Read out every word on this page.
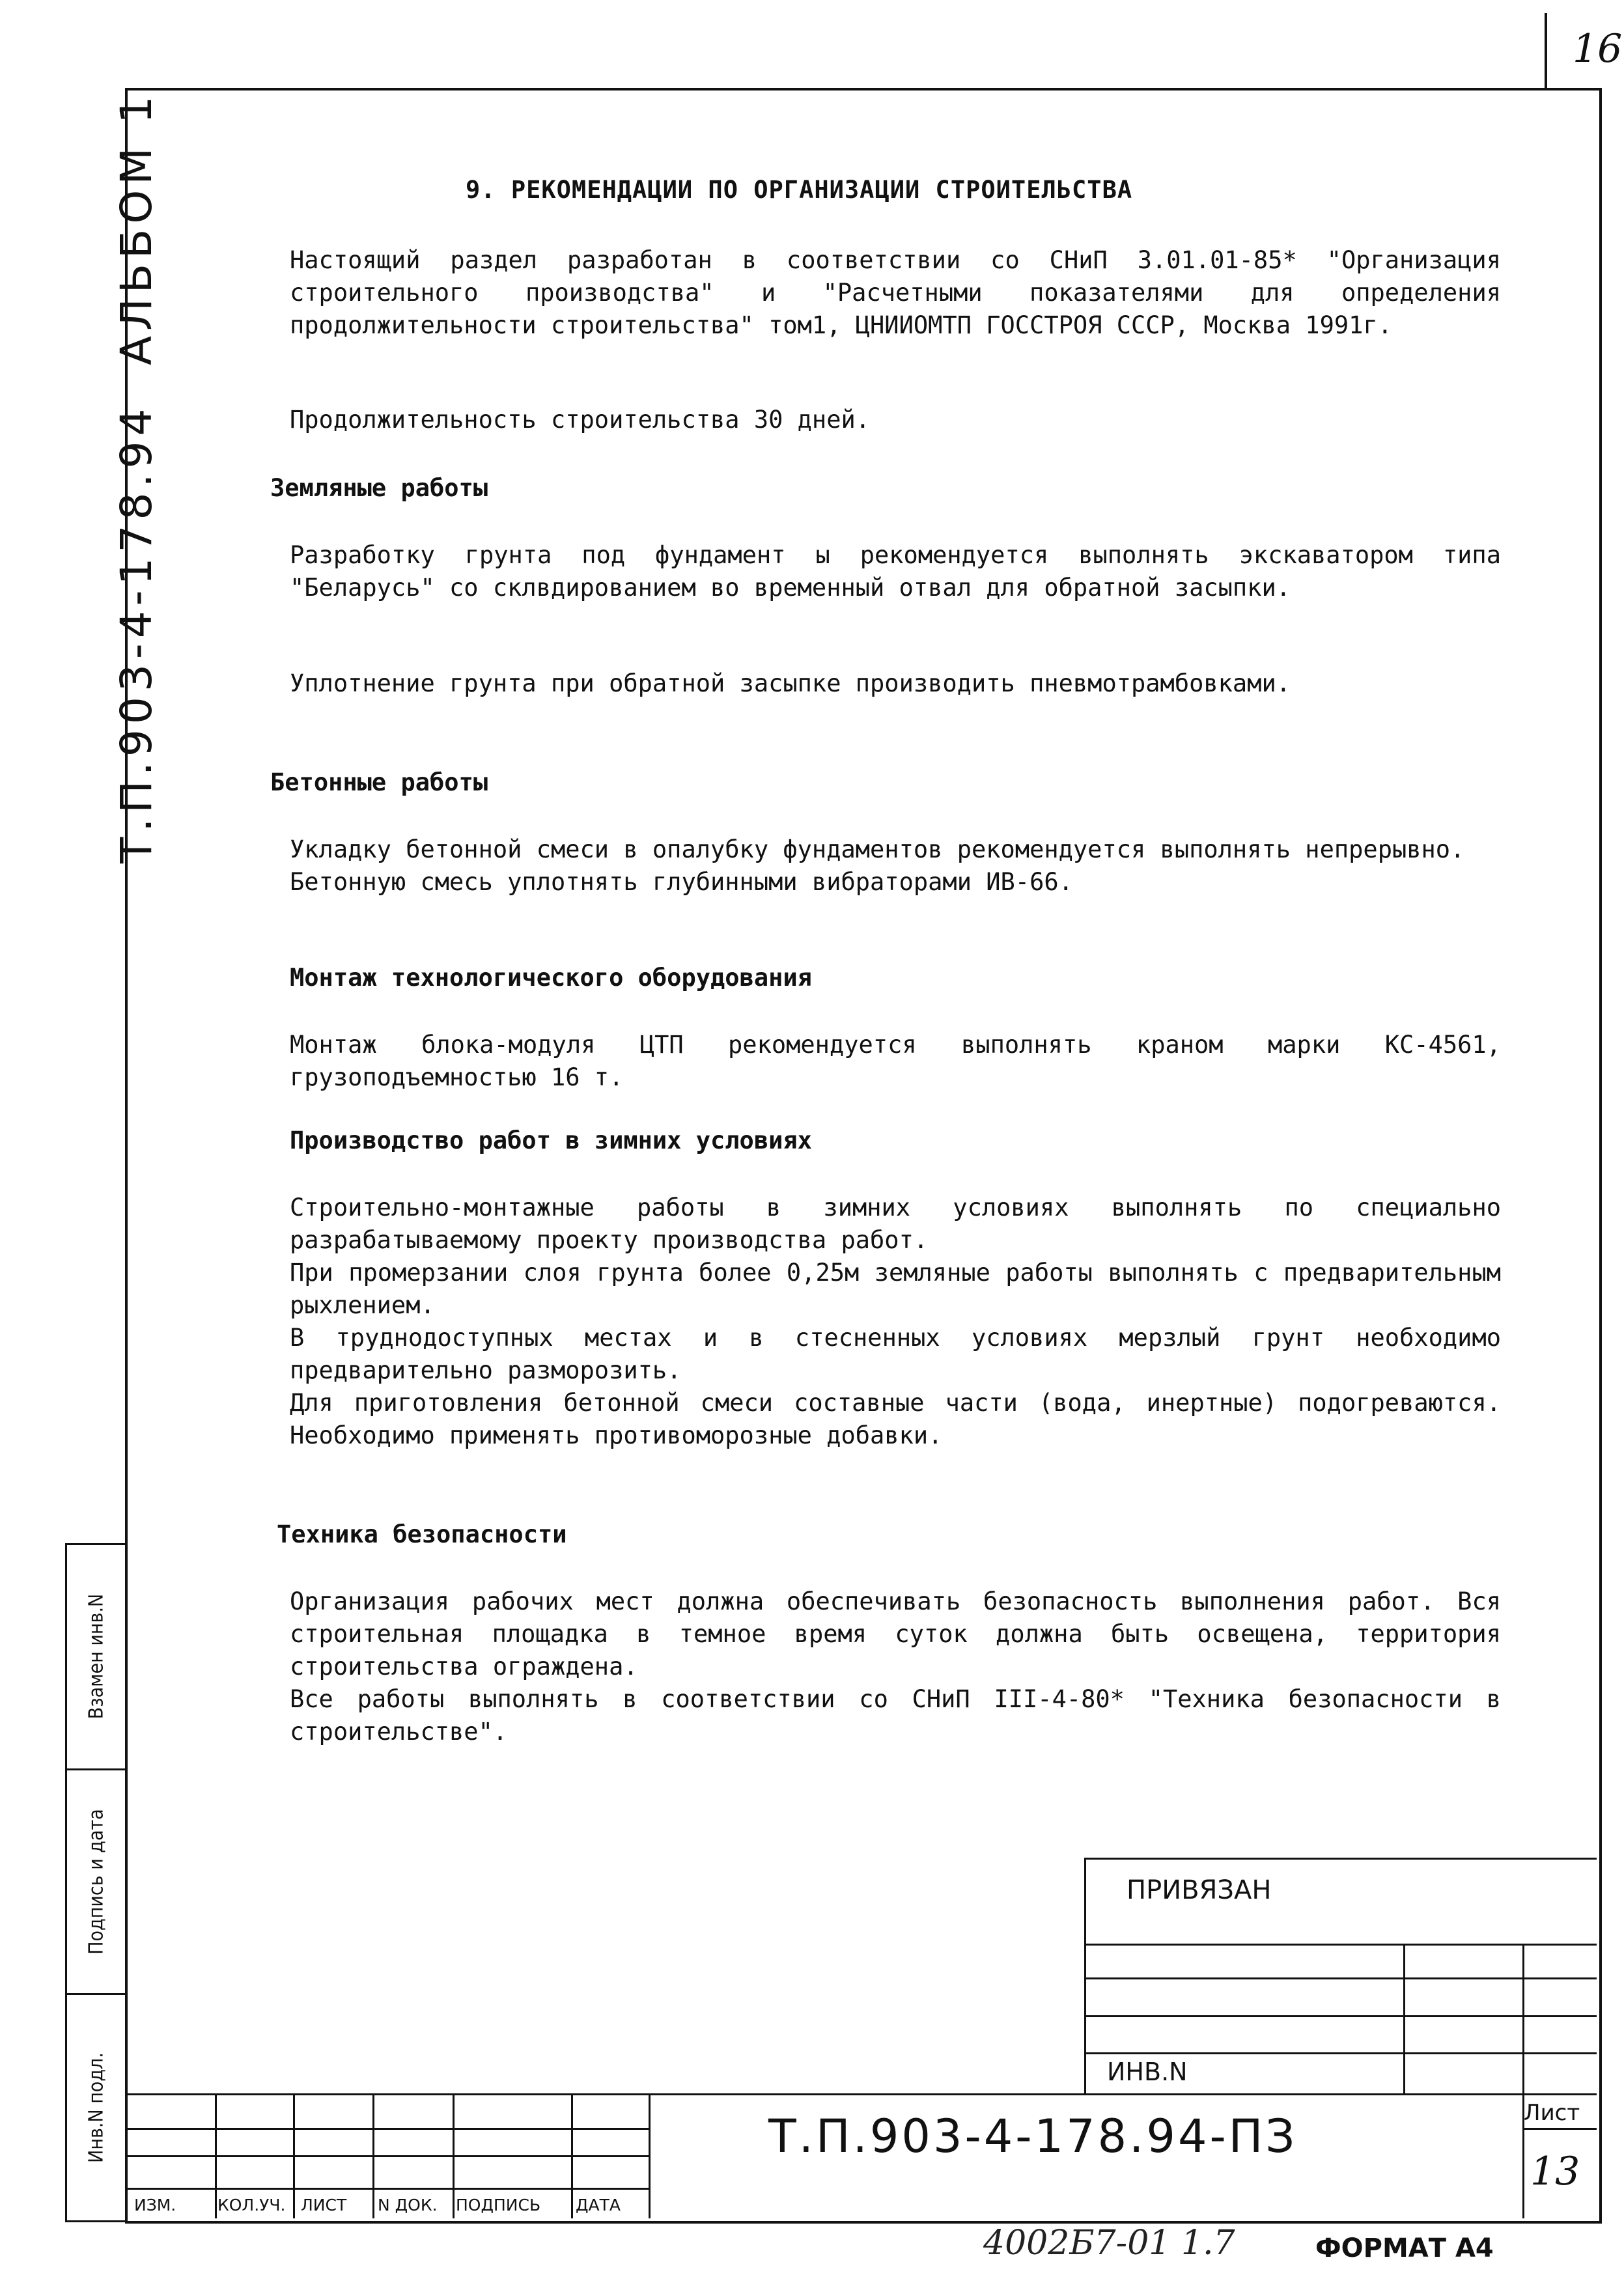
16
Т.П.903-4-178.94  АЛЬБОМ 1	9. РЕКОМЕНДАЦИИ ПО ОРГАНИЗАЦИИ СТРОИТЕЛЬСТВА

Настоящий раздел разработан в соответствии со СНиП 3.01.01-85* "Организация строительного производства" и "Расчетными показателями для определения продолжительности строительства" том1, ЦНИИОМТП ГОССТРОЯ СССР, Москва 1991г.

Продолжительность строительства 30 дней.

Земляные работы

Разработку грунта под фундамент ы рекомендуется выполнять экскаватором типа "Беларусь" со склвдированием во временный отвал для обратной засыпки.

Уплотнение грунта при обратной засыпке производить пневмотрамбовками.

Бетонные работы

Укладку бетонной смеси в опалубку фундаментов рекомендуется выполнять непрерывно.

Бетонную смесь уплотнять глубинными вибраторами ИВ-66.

Монтаж технологического оборудования

Монтаж блока-модуля ЦТП рекомендуется выполнять краном марки КС-4561, грузоподъемностью 16 т.

Производство работ в зимних условиях

Строительно-монтажные работы в зимних условиях выполнять по специально разрабатываемому проекту производства работ.

При промерзании слоя грунта более 0,25м земляные работы выполнять с предварительным рыхлением.

В труднодоступных местах и в стесненных условиях мерзлый грунт необходимо предварительно разморозить.

Для приготовления бетонной смеси составные части (вода, инертные) подогреваются. Необходимо применять противоморозные добавки.

Техника безопасности

Организация рабочих мест должна обеспечивать безопасность выполнения работ. Вся строительная площадка в темное время суток должна быть освещена, территория строительства ограждена.

Все работы выполнять в соответствии со СНиП III-4-80* "Техника безопасности в строительстве".

Взамен инв.N
Подпись и дата
Инв.N подл.
ПРИВЯЗАН
ИНВ.N
Т.П.903-4-178.94-ПЗ	Лист
13
ИЗМ.	КОЛ.УЧ. ЛИСТ N ДОК. ПОДПИСЬ ДАТА
4002Б7-01 1.7	ФОРМАТ А4
